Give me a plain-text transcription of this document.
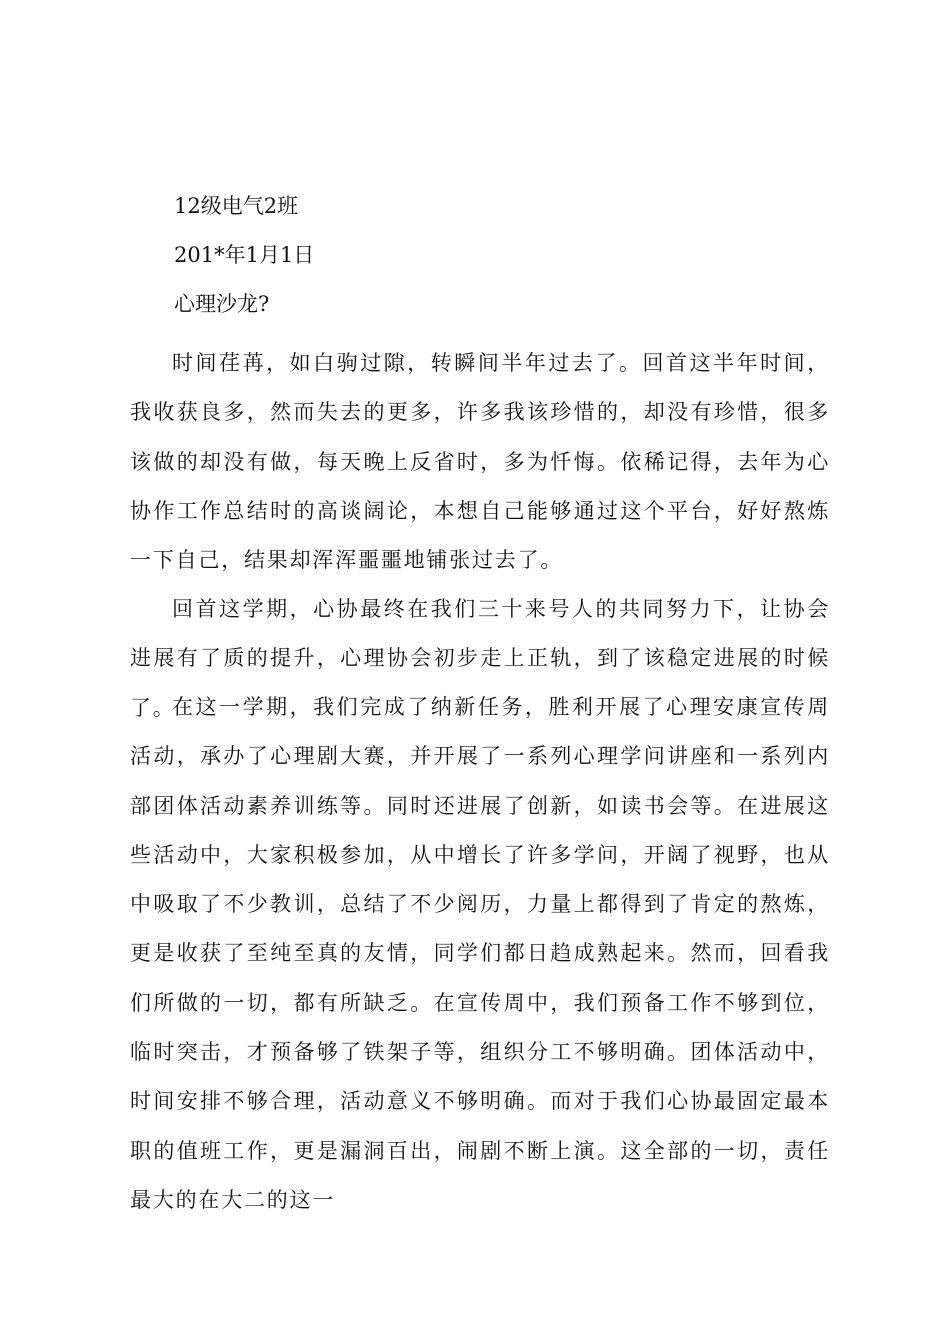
12级电气2班

201*年1月1日

心理沙龙?

时间荏苒，如白驹过隙，转瞬间半年过去了。回首这半年时间，我收获良多，然而失去的更多，许多我该珍惜的，却没有珍惜，很多该做的却没有做，每天晚上反省时，多为忏悔。依稀记得，去年为心协作工作总结时的高谈阔论，本想自己能够通过这个平台，好好熬炼一下自己，结果却浑浑噩噩地铺张过去了。

回首这学期，心协最终在我们三十来号人的共同努力下，让协会进展有了质的提升，心理协会初步走上正轨，到了该稳定进展的时候了。

在这一学期，我们完成了纳新任务，胜利开展了心理安康宣传周活动，承办了心理剧大赛，并开展了一系列心理学问讲座和一系列内部团体活动素养训练等。同时还进展了创新，如读书会等。在进展这些活动中，大家积极参加，从中增长了许多学问，开阔了视野，也从中吸取了不少教训，总结了不少阅历，力量上都得到了肯定的熬炼，更是收获了至纯至真的友情，同学们都日趋成熟起来。然而，回看我们所做的一切，都有所缺乏。在宣传周中，我们预备工作不够到位，临时突击，才预备够了铁架子等，组织分工不够明确。团体活动中，时间安排不够合理，活动意义不够明确。而对于我们心协最固定最本职的值班工作，更是漏洞百出，闹剧不断上演。这全部的一切，责任最大的在大二的这一
